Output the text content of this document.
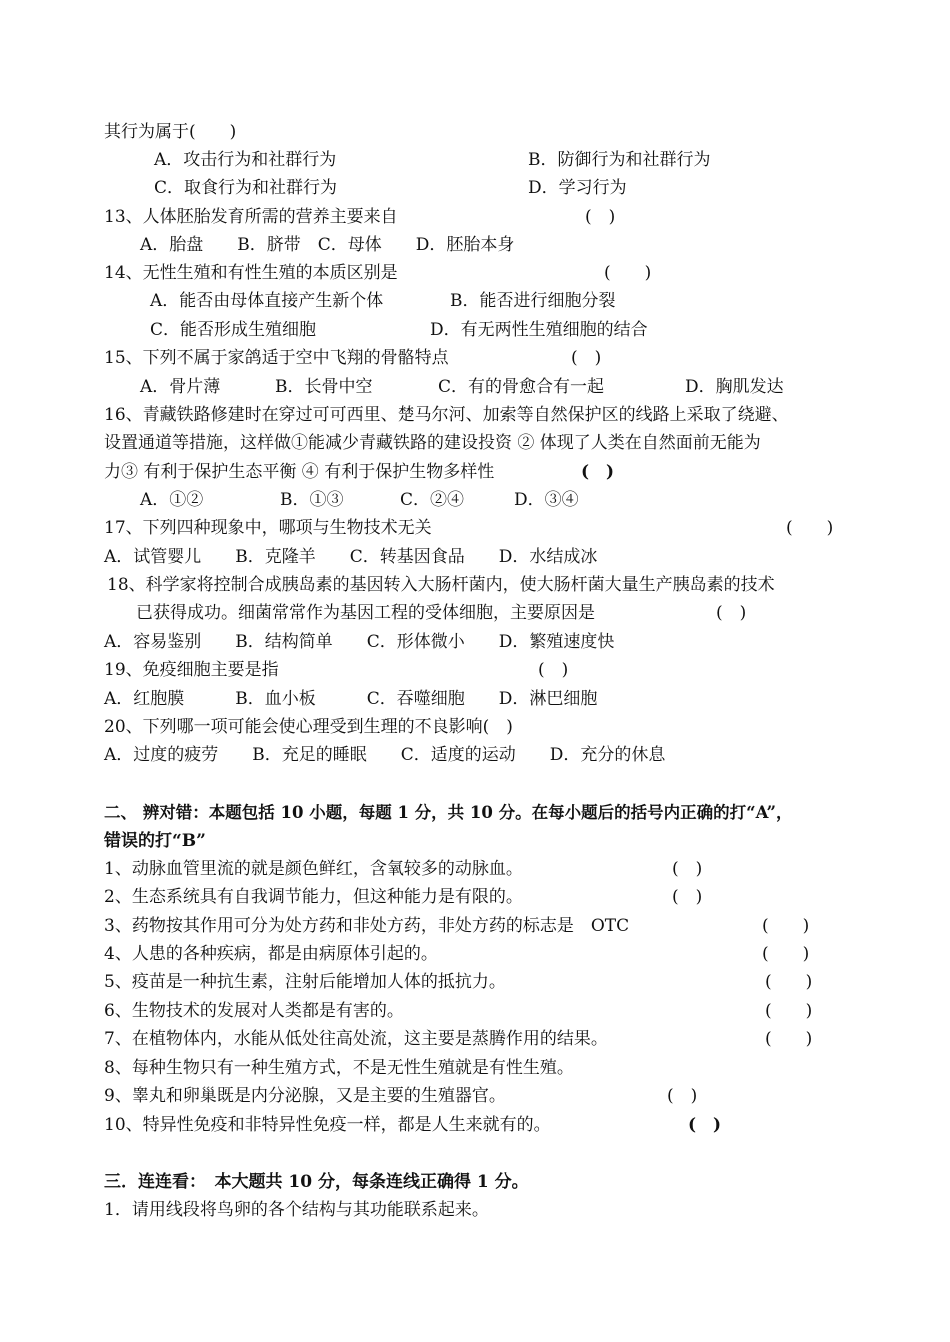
其行为属于(　　)
A．攻击行为和社群行为	B．防御行为和社群行为
C．取食行为和社群行为	D．学习行为
13、人体胚胎发育所需的营养主要来自	(　)
A．胎盘　　B．脐带　C．母体　　D．胚胎本身
14、无性生殖和有性生殖的本质区别是	(　　)
A．能否由母体直接产生新个体	B．能否进行细胞分裂
C．能否形成生殖细胞	D．有无两性生殖细胞的结合
15、下列不属于家鸽适于空中飞翔的骨骼特点	(　)
A．骨片薄	B．长骨中空	C．有的骨愈合有一起	D．胸肌发达
16、青藏铁路修建时在穿过可可西里、楚马尔河、加索等自然保护区的线路上采取了绕避、
设置通道等措施，这样做①能减少青藏铁路的建设投资 ② 体现了人类在自然面前无能为
力③ 有利于保护生态平衡 ④ 有利于保护生物多样性	(　)
A．①②	B．①③	C．②④	D．③④
17、下列四种现象中，哪项与生物技术无关	(　　)
A．试管婴儿　　B．克隆羊　　C．转基因食品　　D．水结成冰
18、科学家将控制合成胰岛素的基因转入大肠杆菌内，使大肠杆菌大量生产胰岛素的技术
已获得成功。细菌常常作为基因工程的受体细胞，主要原因是	(　)
A．容易鉴别　　B．结构简单　　C．形体微小　　D．繁殖速度快
19、免疫细胞主要是指	(　)
A．红胞膜　　　B．血小板　　　C．吞噬细胞　　D．淋巴细胞
20、下列哪一项可能会使心理受到生理的不良影响(　)
A．过度的疲劳　　B．充足的睡眠　　C．适度的运动　　D．充分的休息
二、 辨对错：本题包括 10 小题，每题 1 分，共 10 分。在每小题后的括号内正确的打“A”，
错误的打“B”
1、动脉血管里流的就是颜色鲜红，含氧较多的动脉血。	(　)
2、生态系统具有自我调节能力，但这种能力是有限的。	(　)
3、药物按其作用可分为处方药和非处方药，非处方药的标志是　OTC	(　　)
4、人患的各种疾病，都是由病原体引起的。	(　　)
5、疫苗是一种抗生素，注射后能增加人体的抵抗力。	(　　)
6、生物技术的发展对人类都是有害的。	(　　)
7、在植物体内，水能从低处往高处流，这主要是蒸腾作用的结果。	(　　)
8、每种生物只有一种生殖方式，不是无性生殖就是有性生殖。
9、睾丸和卵巢既是内分泌腺，又是主要的生殖器官。	(　)
10、特异性免疫和非特异性免疫一样，都是人生来就有的。	(　)
三．连连看：　本大题共 10 分，每条连线正确得 1 分。
1．请用线段将鸟卵的各个结构与其功能联系起来。
